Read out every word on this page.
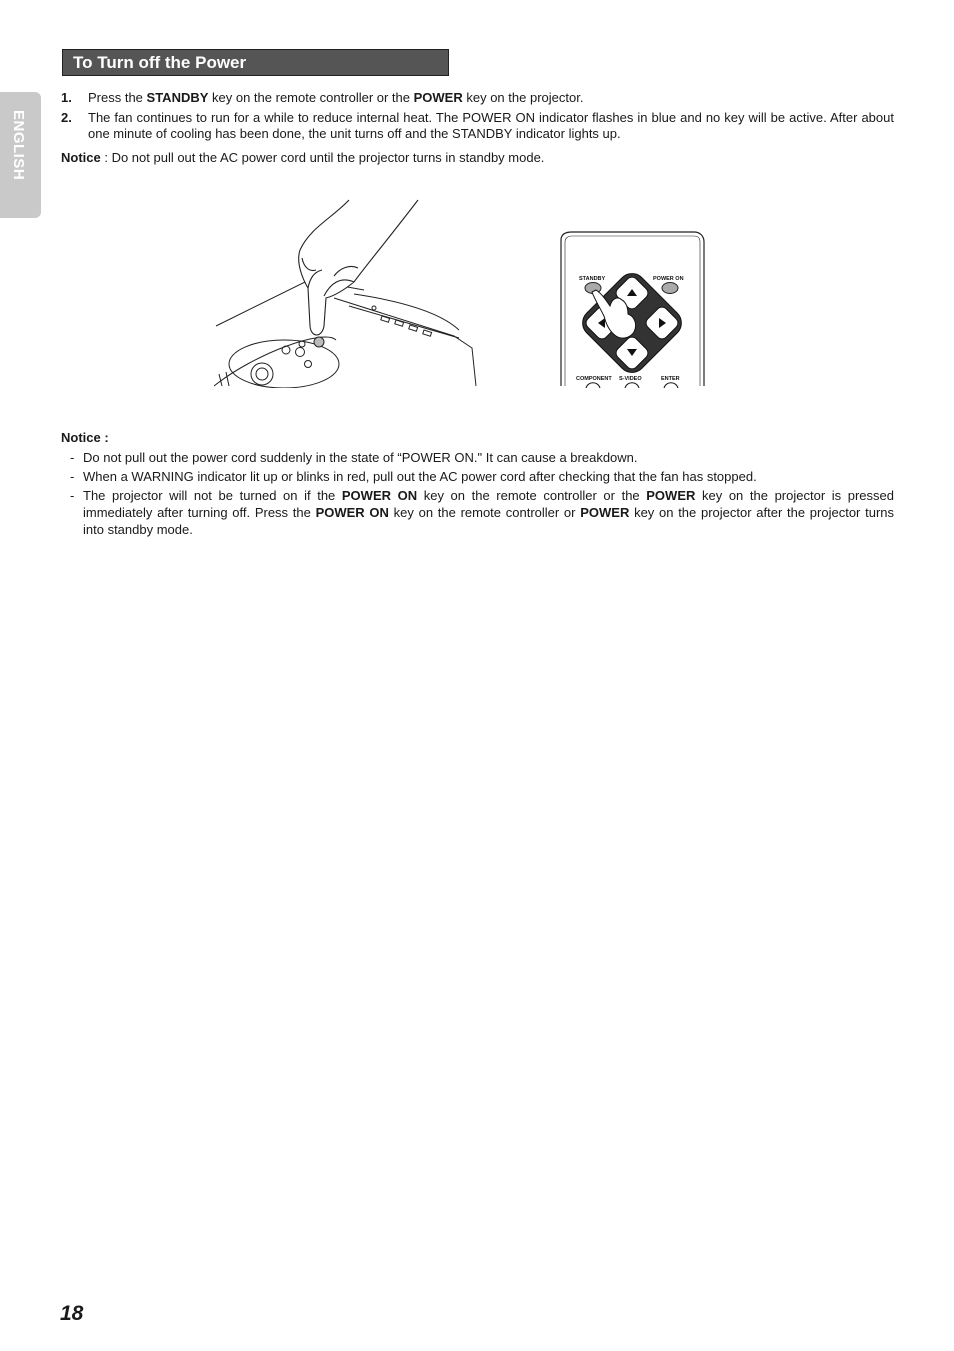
ENGLISH
To Turn off the Power
1. Press the STANDBY key on the remote controller or the POWER key on the projector.
2. The fan continues to run for a while to reduce internal heat. The POWER ON indicator flashes in blue and no key will be active. After about one minute of cooling has been done, the unit turns off and the STANDBY indicator lights up.
Notice : Do not pull out the AC power cord until the projector turns in standby mode.
STANDBY	POWER ON
COMPONENT S-VIDEO	ENTER
Notice :
- Do not pull out the power cord suddenly in the state of “POWER ON." It can cause a breakdown.
- When a WARNING indicator lit up or blinks in red, pull out the AC power cord after checking that the fan has stopped.
- The projector will not be turned on if the POWER ON key on the remote controller or the POWER key on the projector is pressed immediately after turning off. Press the POWER ON key on the remote controller or POWER key on the projector after the projector turns into standby mode.
18
